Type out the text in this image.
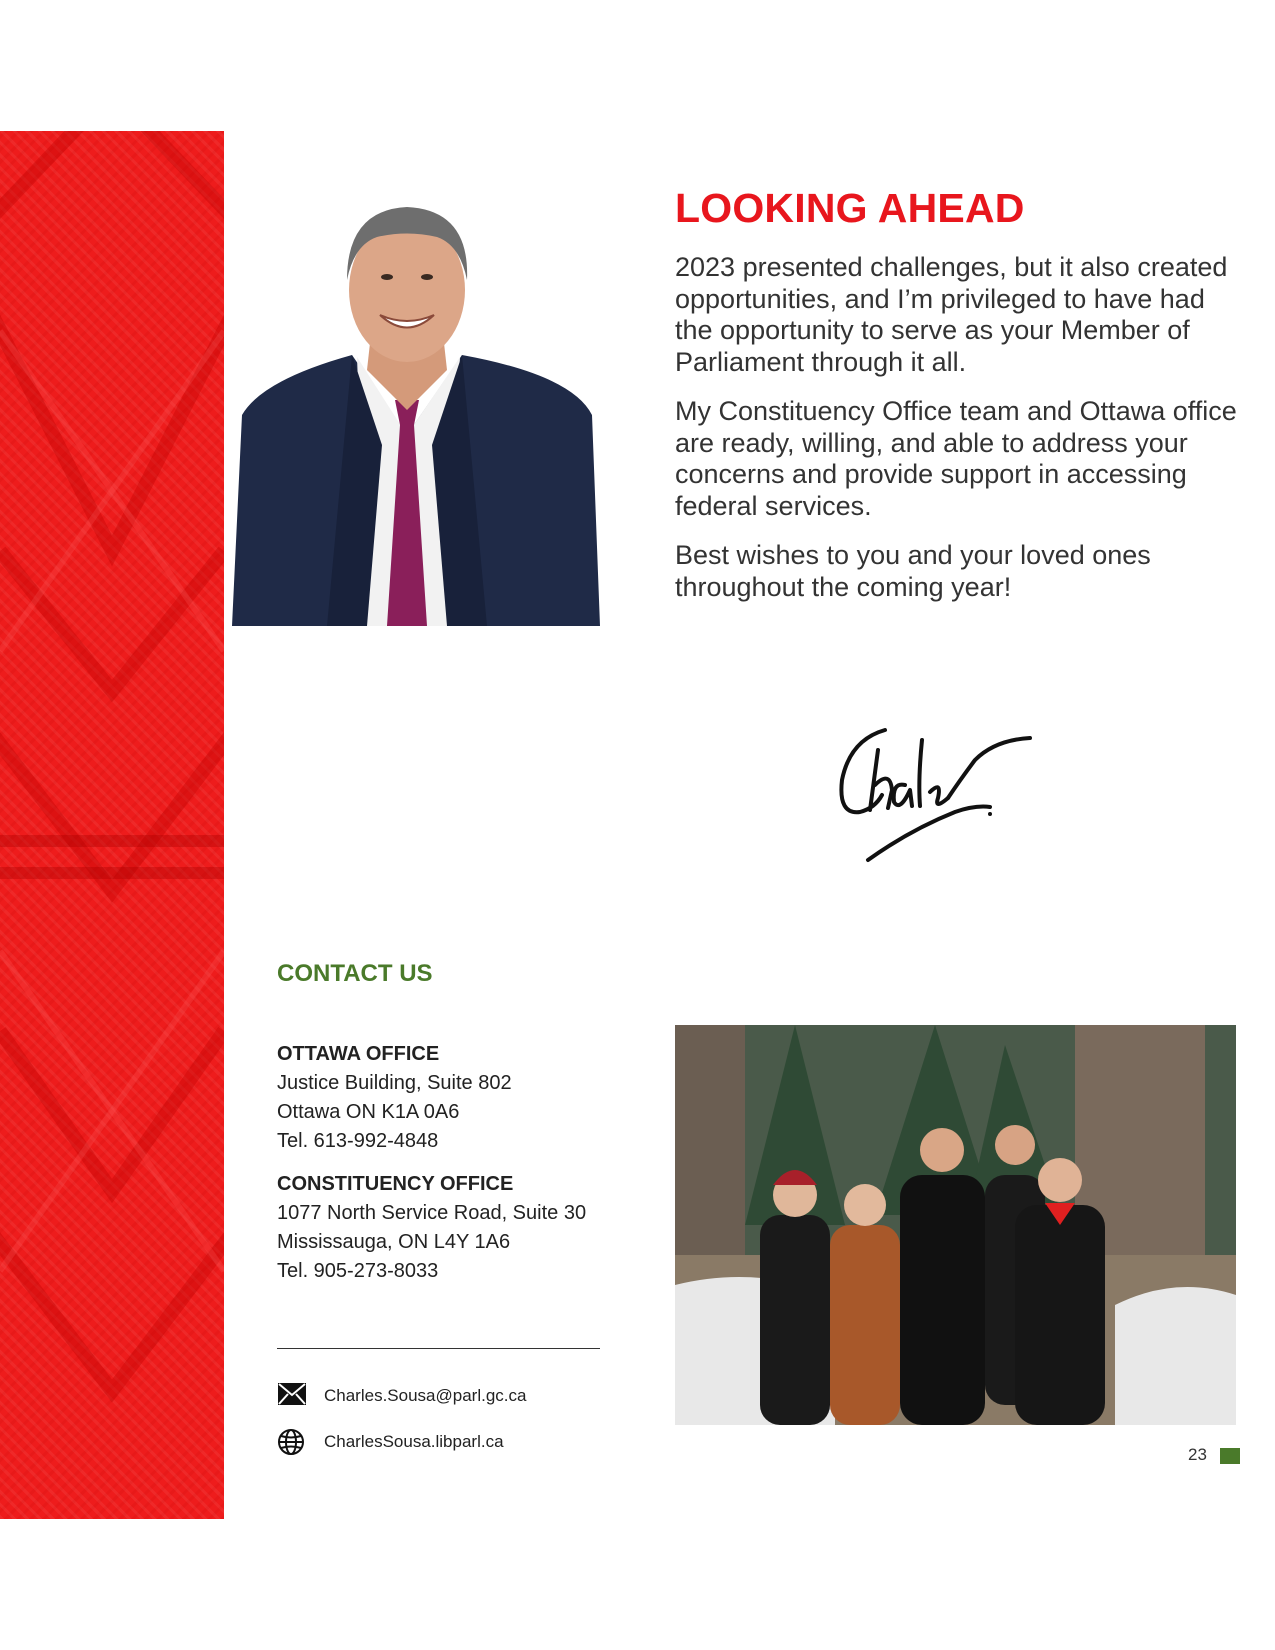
LOOKING AHEAD

2023 presented challenges, but it also created opportunities, and I’m privileged to have had the opportunity to serve as your Member of Parliament through it all.

My Constituency Office team and Ottawa office are ready, willing, and able to address your concerns and provide support in accessing federal services.

Best wishes to you and your loved ones throughout the coming year!

CONTACT US
OTTAWA OFFICE
Justice Building, Suite 802
Ottawa ON K1A 0A6
Tel. 613-992-4848
CONSTITUENCY OFFICE
1077 North Service Road, Suite 30
Mississauga, ON L4Y 1A6
Tel. 905-273-8033
Charles.Sousa@parl.gc.ca
CharlesSousa.libparl.ca
23
